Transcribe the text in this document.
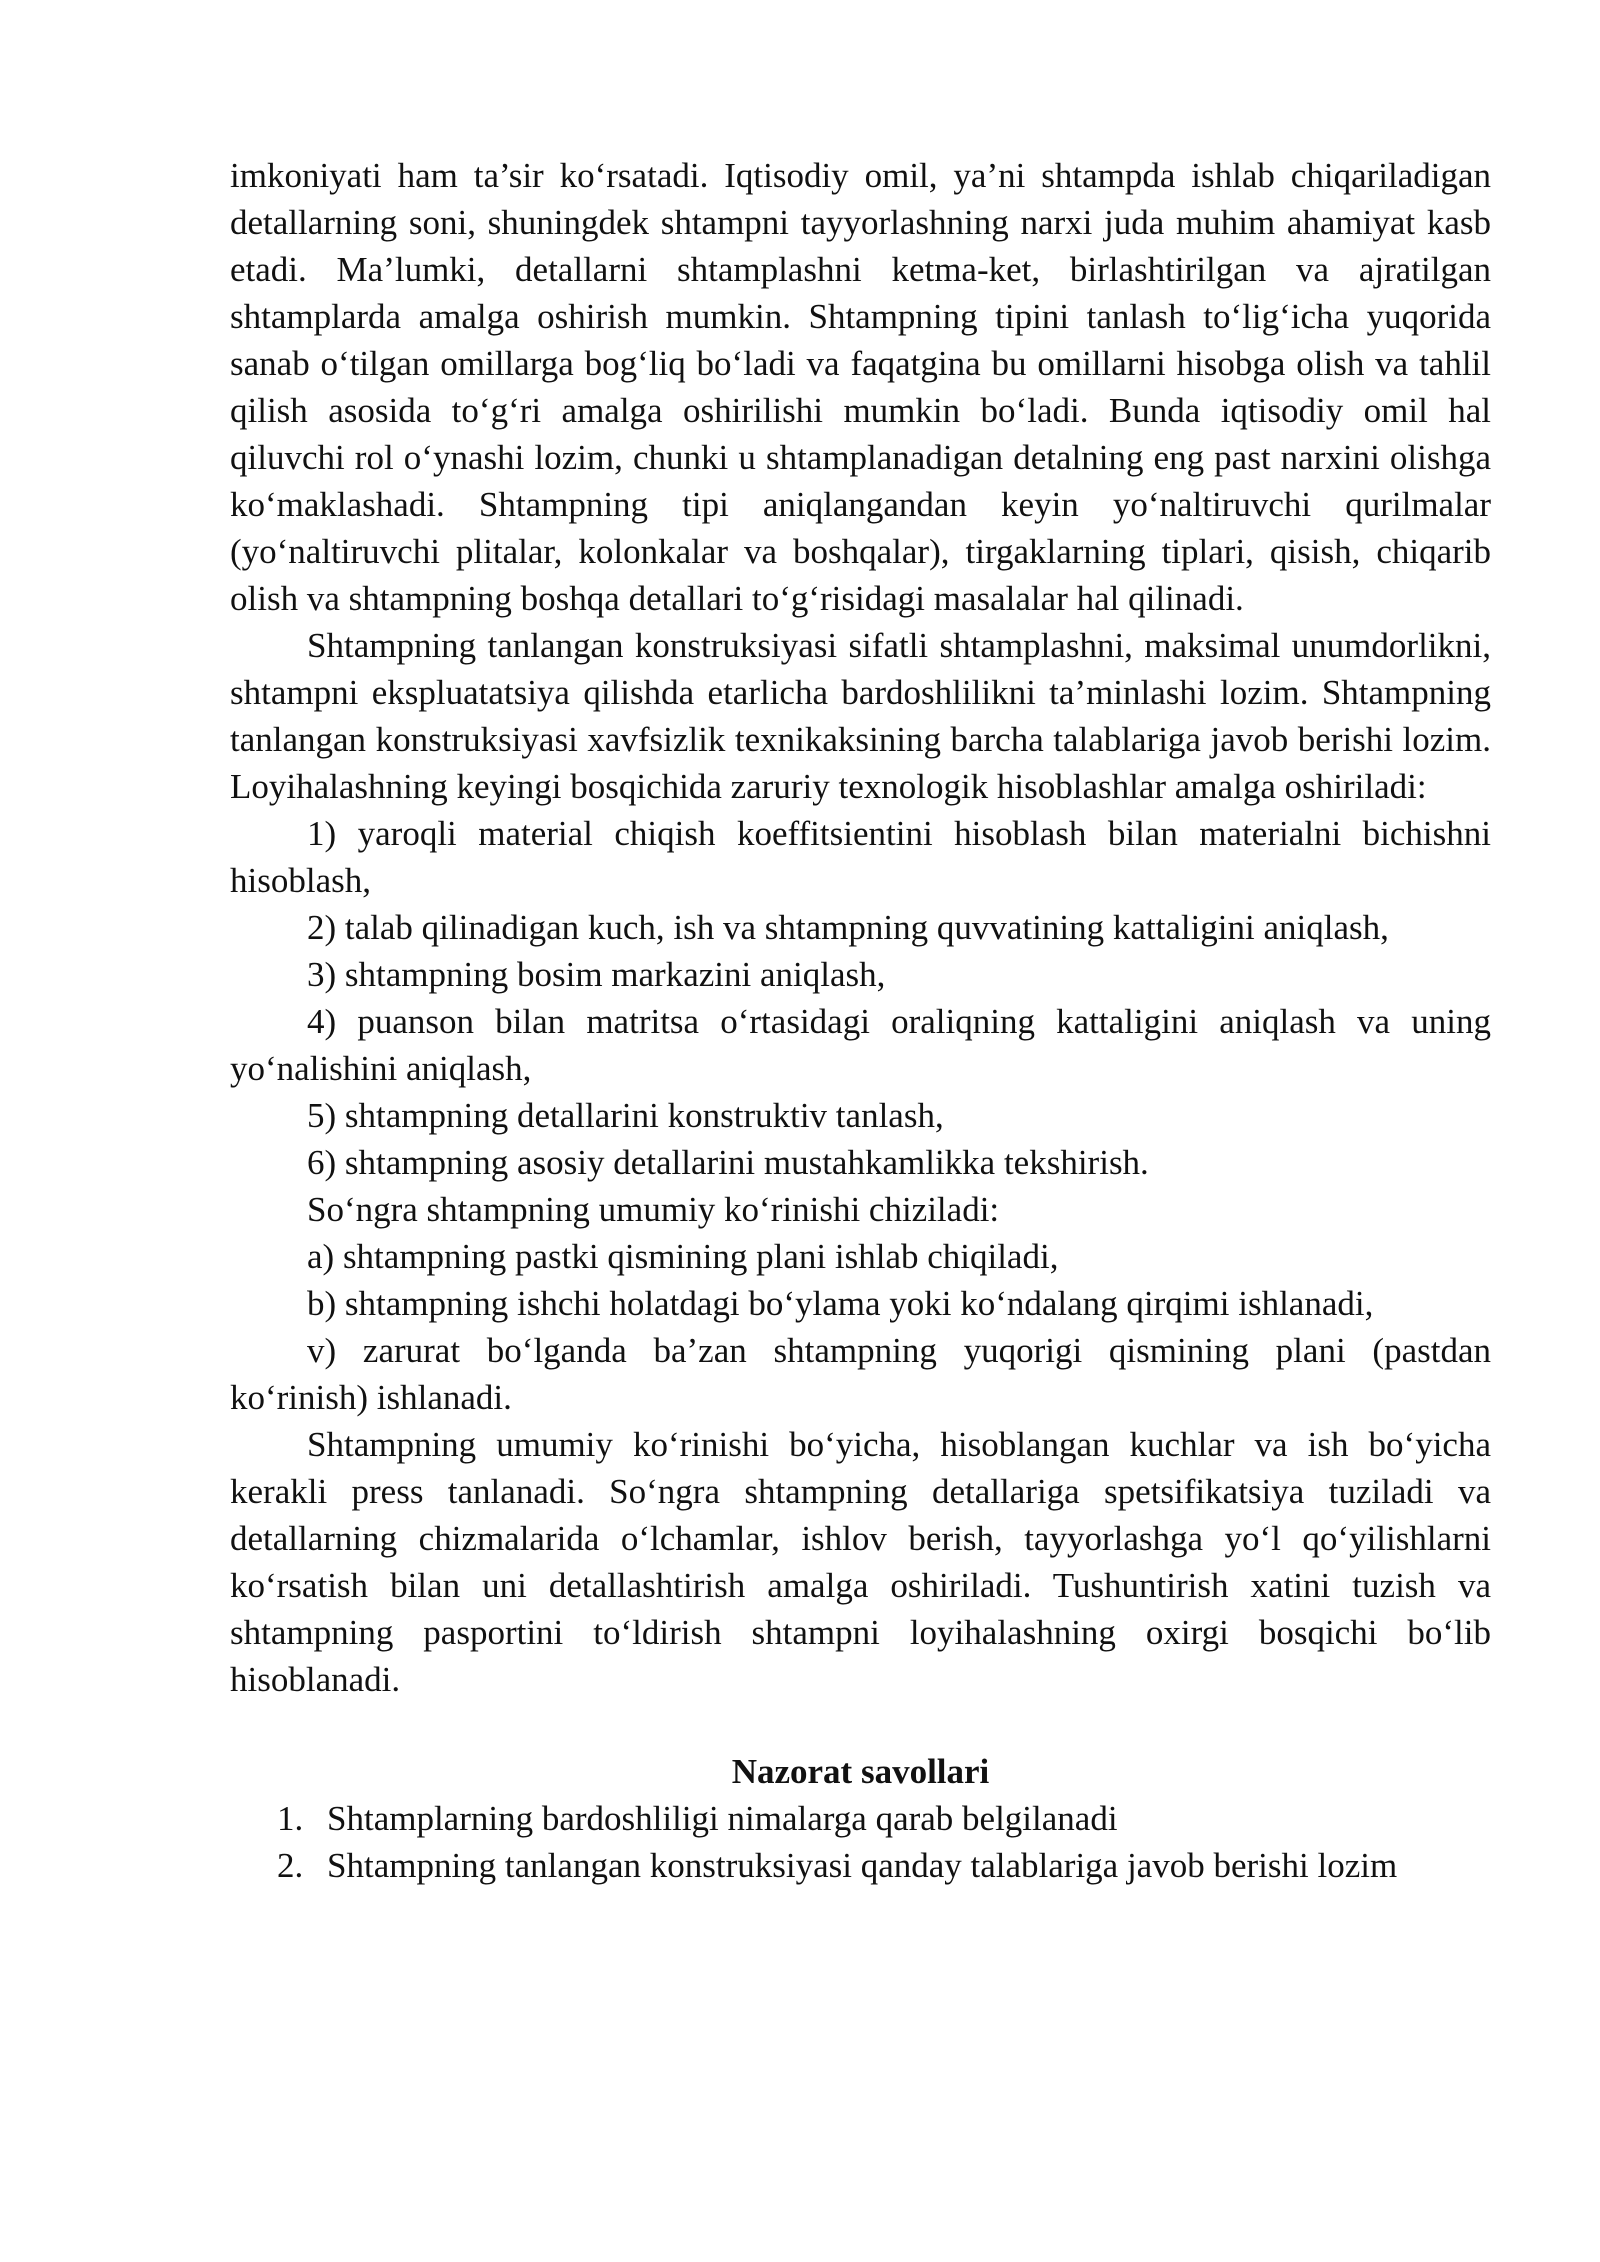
imkoniyati ham ta’sir ko‘rsatadi. Iqtisodiy omil, ya’ni shtampda ishlab chiqariladigan detallarning soni, shuningdek shtampni tayyorlashning narxi juda muhim ahamiyat kasb etadi. Ma’lumki, detallarni shtamplashni ketma-ket, birlashtirilgan va ajratilgan shtamplarda amalga oshirish mumkin. Shtampning tipini tanlash to‘lig‘icha yuqorida sanab o‘tilgan omillarga bog‘liq bo‘ladi va faqatgina bu omillarni hisobga olish va tahlil qilish asosida to‘g‘ri amalga oshirilishi mumkin bo‘ladi. Bunda iqtisodiy omil hal qiluvchi rol o‘ynashi lozim, chunki u shtamplanadigan detalning eng past narxini olishga ko‘maklashadi. Shtampning tipi aniqlangandan keyin yo‘naltiruvchi qurilmalar (yo‘naltiruvchi plitalar, kolonkalar va boshqalar), tirgaklarning tiplari, qisish, chiqarib olish va shtampning boshqa detallari to‘g‘risidagi masalalar hal qilinadi.

Shtampning tanlangan konstruksiyasi sifatli shtamplashni, maksimal unumdorlikni, shtampni ekspluatatsiya qilishda etarlicha bardoshlilikni ta’minlashi lozim. Shtampning tanlangan konstruksiyasi xavfsizlik texnikaksining barcha talablariga javob berishi lozim. Loyihalashning keyingi bosqichida zaruriy texnologik hisoblashlar amalga oshiriladi:

1) yaroqli material chiqish koeffitsientini hisoblash bilan materialni bichishni hisoblash,

2) talab qilinadigan kuch, ish va shtampning quvvatining kattaligini aniqlash,

3) shtampning bosim markazini aniqlash,

4) puanson bilan matritsa o‘rtasidagi oraliqning kattaligini aniqlash va uning yo‘nalishini aniqlash,

5) shtampning detallarini konstruktiv tanlash,

6) shtampning asosiy detallarini mustahkamlikka tekshirish.

So‘ngra shtampning umumiy ko‘rinishi chiziladi:

a) shtampning pastki qismining plani ishlab chiqiladi,

b) shtampning ishchi holatdagi bo‘ylama yoki ko‘ndalang qirqimi ishlanadi,

v) zarurat bo‘lganda ba’zan shtampning yuqorigi qismining plani (pastdan ko‘rinish) ishlanadi.

Shtampning umumiy ko‘rinishi bo‘yicha, hisoblangan kuchlar va ish bo‘yicha kerakli press tanlanadi. So‘ngra shtampning detallariga spetsifikatsiya tuziladi va detallarning chizmalarida o‘lchamlar, ishlov berish, tayyorlashga yo‘l qo‘yilishlarni ko‘rsatish bilan uni detallashtirish amalga oshiriladi. Tushuntirish xatini tuzish va shtampning pasportini to‘ldirish shtampni loyihalashning oxirgi bosqichi bo‘lib hisoblanadi.

Nazorat savollari
1. Shtamplarning bardoshliligi nimalarga qarab belgilanadi
2. Shtampning tanlangan konstruksiyasi qanday talablariga javob berishi lozim
